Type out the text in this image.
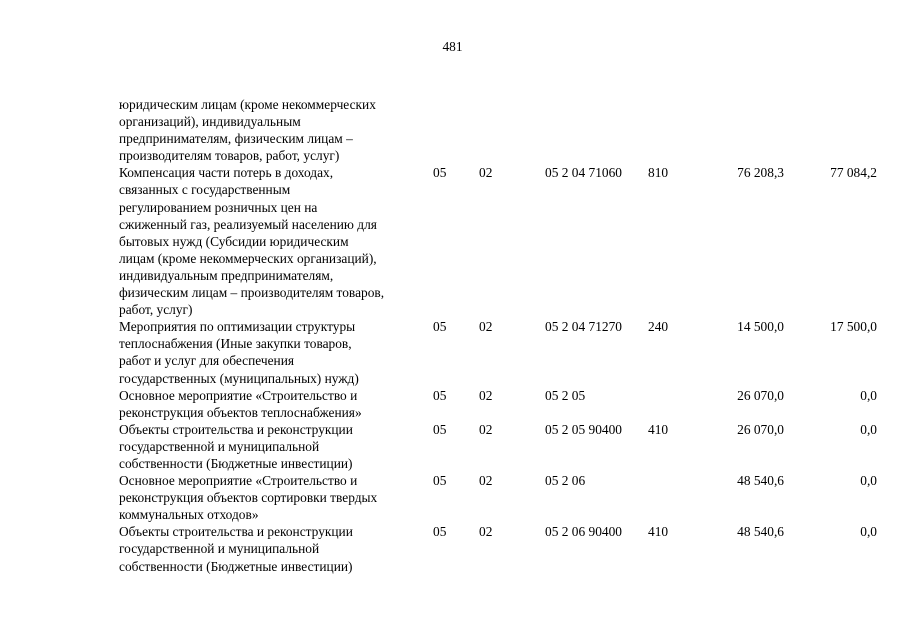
481
юридическим лицам (кроме некоммерческих
организаций), индивидуальным
предпринимателям, физическим лицам –
производителям товаров, работ, услуг)
Компенсация части потерь в доходах,
связанных с государственным
регулированием розничных цен на
сжиженный газ, реализуемый населению для
бытовых нужд (Субсидии юридическим
лицам (кроме некоммерческих организаций),
индивидуальным предпринимателям,
физическим лицам – производителям товаров,
работ, услуг)
05 02	05 2 04 71060 810	76 208,3	77 084,2
Мероприятия по оптимизации структуры
теплоснабжения (Иные закупки товаров,
работ и услуг для обеспечения
государственных (муниципальных) нужд)
05 02	05 2 04 71270 240	14 500,0	17 500,0
Основное мероприятие «Строительство и
реконструкция объектов теплоснабжения»
05 02	05 2 05	26 070,0	0,0
Объекты строительства и реконструкции
государственной и муниципальной
собственности (Бюджетные инвестиции)
05 02	05 2 05 90400 410	26 070,0	0,0
Основное мероприятие «Строительство и
реконструкция объектов сортировки твердых
коммунальных отходов»
05 02	05 2 06	48 540,6	0,0
Объекты строительства и реконструкции
государственной и муниципальной
собственности (Бюджетные инвестиции)
05 02	05 2 06 90400 410	48 540,6	0,0
